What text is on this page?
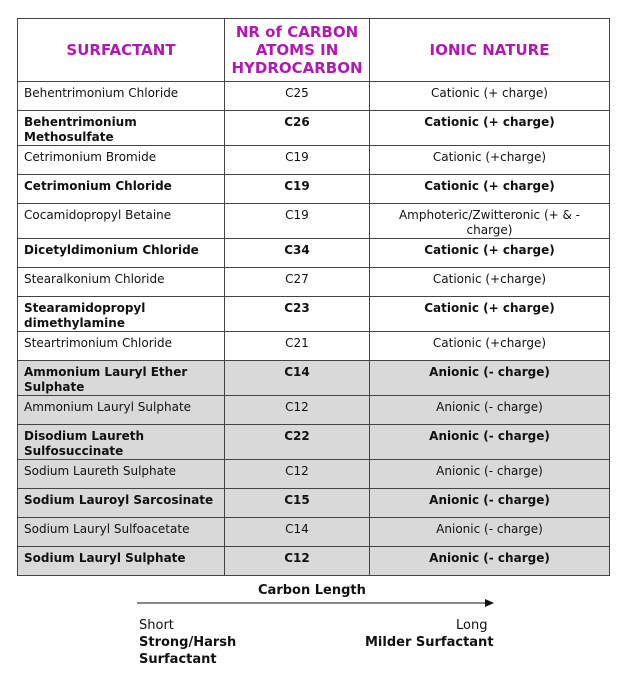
SURFACTANT	NR of CARBON ATOMS IN HYDROCARBON	IONIC NATURE
Behentrimonium Chloride	C25	Cationic (+ charge)
Behentrimonium Methosulfate	C26	Cationic (+ charge)
Cetrimonium Bromide	C19	Cationic (+charge)
Cetrimonium Chloride	C19	Cationic (+ charge)
Cocamidopropyl Betaine	C19	Amphoteric/Zwitteronic (+ & - charge)
Dicetyldimonium Chloride	C34	Cationic (+ charge)
Stearalkonium Chloride	C27	Cationic (+charge)
Stearamidopropyl dimethylamine	C23	Cationic (+ charge)
Steartrimonium Chloride	C21	Cationic (+charge)
Ammonium Lauryl Ether Sulphate	C14	Anionic (- charge)
Ammonium Lauryl Sulphate	C12	Anionic (- charge)
Disodium Laureth Sulfosuccinate	C22	Anionic (- charge)
Sodium Laureth Sulphate	C12	Anionic (- charge)
Sodium Lauroyl Sarcosinate	C15	Anionic (- charge)
Sodium Lauryl Sulfoacetate	C14	Anionic (- charge)
Sodium Lauryl Sulphate	C12	Anionic (- charge)
Carbon Length
Short
Strong/Harsh Surfactant
Long
Milder Surfactant
